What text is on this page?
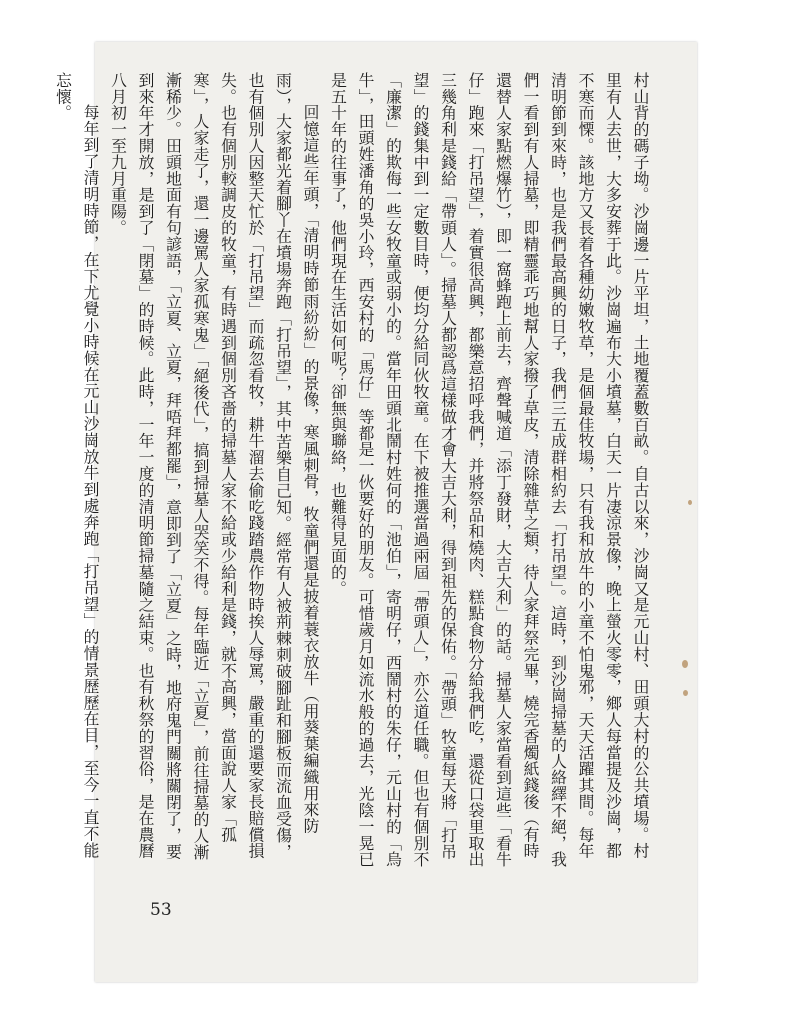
村山背的碼子坳。沙崗邊一片平坦，土地覆蓋數百畝。自古以來，沙崗又是元山村、田頭大村的公共墳場。村里有人去世，大多安葬于此。沙崗遍布大小墳墓，白天一片凄涼景像，晚上螢火零零，鄉人每當提及沙崗，都不寒而慄。該地方又長着各種幼嫩牧草，是個最佳牧場，只有我和放牛的小童不怕鬼邪，天天活躍其間。每年清明節到來時，也是我們最高興的日子，我們三五成群相約去「打吊望」。這時，到沙崗掃墓的人絡繹不絕，我們一看到有人掃墓，即精靈乖巧地幫人家撥了草皮，清除雜草之類，待人家拜祭完畢，燒完香燭紙錢後（有時還替人家點燃爆竹），即一窩蜂跑上前去，齊聲喊道「添丁發財，大吉大利」的話。掃墓人家當看到這些「看牛仔」跑來「打吊望」，着實很高興，都樂意招呼我們，并將祭品和燒肉、糕點食物分給我們吃，還從口袋里取出三幾角利是錢給「帶頭人」。掃墓人都認爲這樣做才會大吉大利，得到祖先的保佑。「帶頭」牧童每天將「打吊望」的錢集中到一定數目時，便均分給同伙牧童。在下被推選當過兩屆「帶頭人」，亦公道任職。但也有個別不「廉潔」的欺侮一些女牧童或弱小的。當年田頭北鬧村姓何的「池伯」，寄明仔，西鬧村的朱仔，元山村的「烏牛」，田頭姓潘角的吳小玲，西安村的「馬仔」等都是一伙要好的朋友。可惜歲月如流水般的過去，光陰一晃已是五十年的往事了，他們現在生活如何呢？卻無與聯絡，也難得見面的。

回憶這些年頭，「清明時節雨紛紛」的景像，寒風刺骨，牧童們還是披着蓑衣放牛（用葵葉編織用來防雨），大家都光着腳丫在墳場奔跑「打吊望」，其中苦樂自己知。經常有人被荊棘刺破腳趾和腳板而流血受傷，也有個別人因整天忙於「打吊望」而疏忽看牧，耕牛溜去偷吃踐踏農作物時挨人辱罵，嚴重的還要家長賠償損失。也有個別較調皮的牧童，有時遇到個別吝嗇的掃墓人家不給或少給利是錢，就不高興，當面說人家「孤寒」，人家走了，還一邊罵人家孤寒鬼」「絕後代」，搞到掃墓人哭笑不得。每年臨近「立夏」，前往掃墓的人漸漸稀少。田頭地面有句諺語，「立夏、立夏，拜唔拜都罷」，意即到了「立夏」之時，地府鬼門關將關閉了，要到來年才開放，是到了「閉墓」的時候。此時，一年一度的清明節掃墓隨之結束。也有秋祭的習俗，是在農曆八月初一至九月重陽。

每年到了清明時節，在下尤覺小時候在元山沙崗放牛到處奔跑「打吊望」的情景歷歷在目，至今一直不能忘懷。

53
